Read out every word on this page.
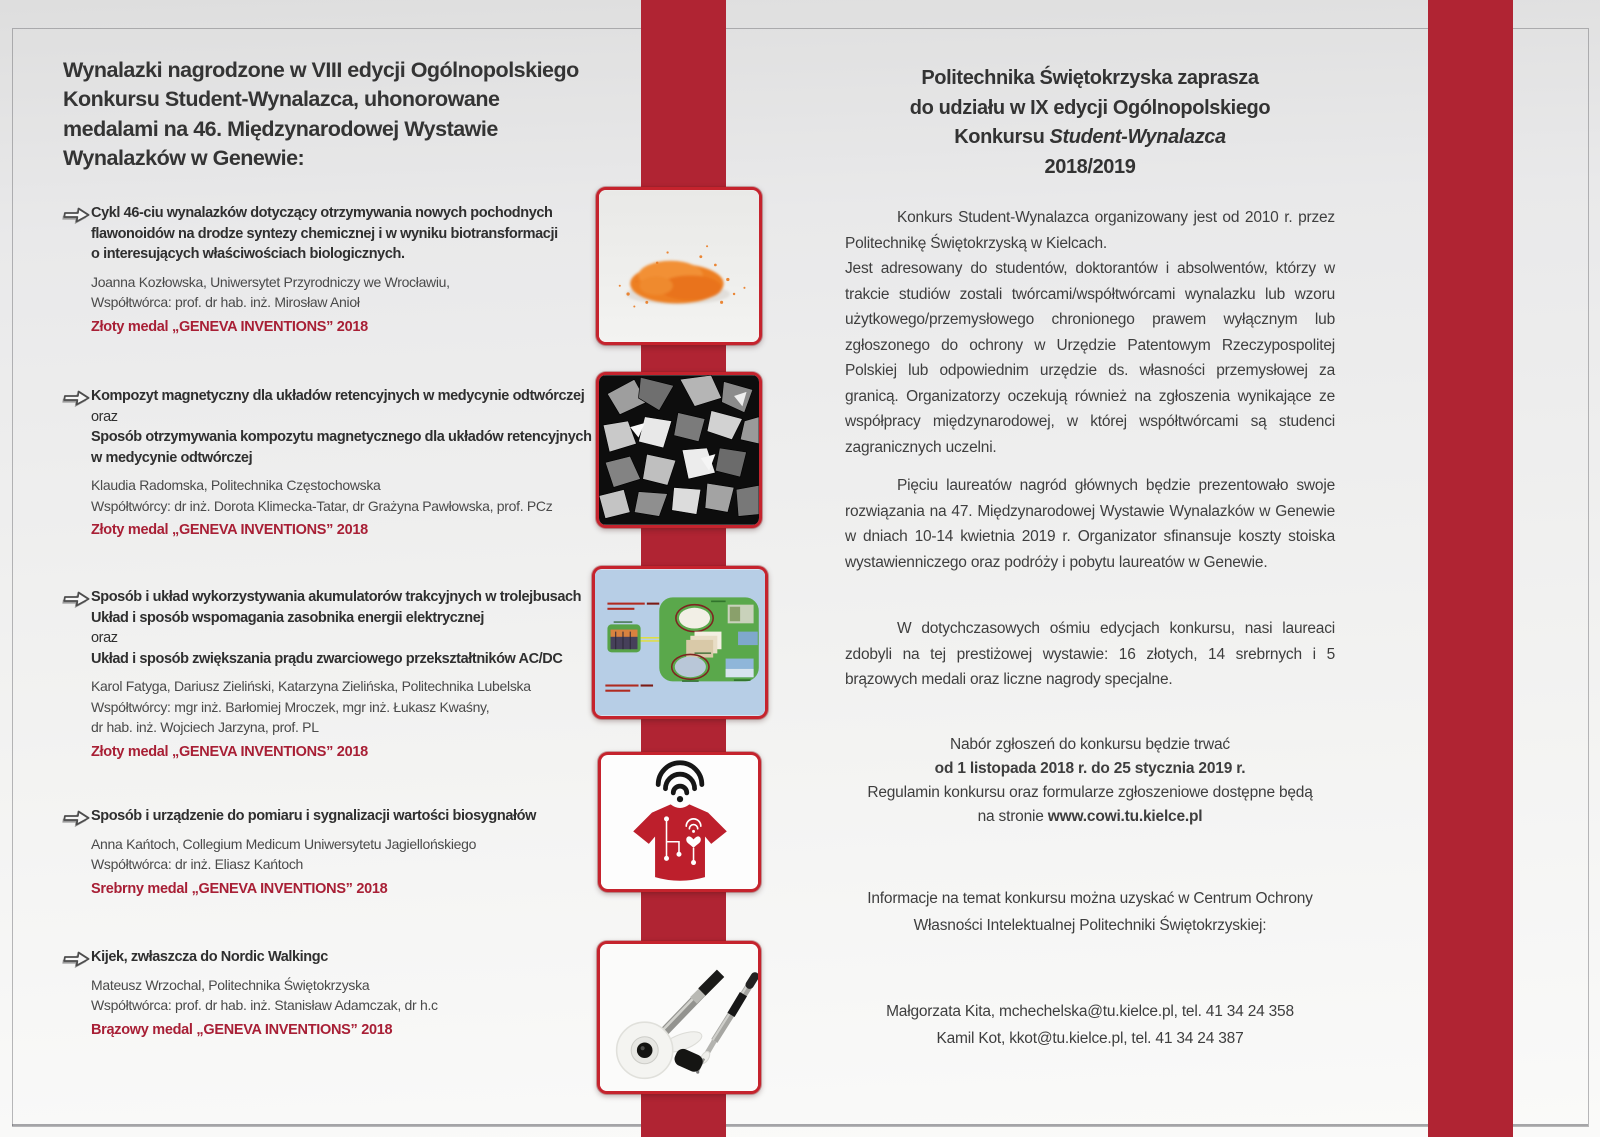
Wynalazki nagrodzone w VIII edycji Ogólnopolskiego
Konkursu Student-Wynalazca, uhonorowane
medalami na 46. Międzynarodowej Wystawie
Wynalazków w Genewie:
Cykl 46-ciu wynalazków dotyczący otrzymywania nowych pochodnych
flawonoidów na drodze syntezy chemicznej i w wyniku biotransformacji
o interesujących właściwościach biologicznych.
Joanna Kozłowska, Uniwersytet Przyrodniczy we Wrocławiu,
Współtwórca: prof. dr hab. inż. Mirosław Anioł
Złoty medal „GENEVA INVENTIONS” 2018
Kompozyt magnetyczny dla układów retencyjnych w medycynie odtwórczej
oraz
Sposób otrzymywania kompozytu magnetycznego dla układów retencyjnych
w medycynie odtwórczej
Klaudia Radomska, Politechnika Częstochowska
Współtwórcy: dr inż. Dorota Klimecka-Tatar, dr Grażyna Pawłowska, prof. PCz
Złoty medal „GENEVA INVENTIONS” 2018
Sposób i układ wykorzystywania akumulatorów trakcyjnych w trolejbusach
Układ i sposób wspomagania zasobnika energii elektrycznej
oraz
Układ i sposób zwiększania prądu zwarciowego przekształtników AC/DC
Karol Fatyga, Dariusz Zieliński, Katarzyna Zielińska, Politechnika Lubelska
Współtwórcy: mgr inż. Barłomiej Mroczek, mgr inż. Łukasz Kwaśny,
dr hab. inż. Wojciech Jarzyna, prof. PL
Złoty medal „GENEVA INVENTIONS” 2018
Sposób i urządzenie do pomiaru i sygnalizacji wartości biosygnałów
Anna Kańtoch, Collegium Medicum Uniwersytetu Jagiellońskiego
Współtwórca: dr inż. Eliasz Kańtoch
Srebrny medal „GENEVA INVENTIONS” 2018
Kijek, zwłaszcza do Nordic Walkingc
Mateusz Wrzochal, Politechnika Świętokrzyska
Współtwórca: prof. dr hab. inż. Stanisław Adamczak, dr h.c
Brązowy medal „GENEVA INVENTIONS” 2018
Politechnika Świętokrzyska zaprasza
do udziału w IX edycji Ogólnopolskiego
Konkursu Student-Wynalazca
2018/2019
Konkurs Student-Wynalazca organizowany jest od 2010 r. przez Politechnikę Świętokrzyską w Kielcach.
Jest adresowany do studentów, doktorantów i absolwentów, którzy w trakcie studiów zostali twórcami/współtwórcami wynalazku lub wzoru użytkowego/przemysłowego chronionego prawem wyłącznym lub zgłoszonego do ochrony w Urzędzie Patentowym Rzeczypospolitej Polskiej lub odpowiednim urzędzie ds. własności przemysłowej za granicą. Organizatorzy oczekują również na zgłoszenia wynikające ze współpracy międzynarodowej, w której współtwórcami są studenci zagranicznych uczelni.
Pięciu laureatów nagród głównych będzie prezentowało swoje rozwiązania na 47. Międzynarodowej Wystawie Wynalazków w Genewie w dniach 10-14 kwietnia 2019 r. Organizator sfinansuje koszty stoiska wystawienniczego oraz podróży i pobytu laureatów w Genewie.
W dotychczasowych ośmiu edycjach konkursu, nasi laureaci zdobyli na tej prestiżowej wystawie: 16 złotych, 14 srebrnych i 5 brązowych medali oraz liczne nagrody specjalne.
Nabór zgłoszeń do konkursu będzie trwać
od 1 listopada 2018 r. do 25 stycznia 2019 r.
Regulamin konkursu oraz formularze zgłoszeniowe dostępne będą
na stronie www.cowi.tu.kielce.pl
Informacje na temat konkursu można uzyskać w Centrum Ochrony
Własności Intelektualnej Politechniki Świętokrzyskiej:
Małgorzata Kita, mchechelska@tu.kielce.pl, tel. 41 34 24 358
Kamil Kot, kkot@tu.kielce.pl, tel. 41 34 24 387
